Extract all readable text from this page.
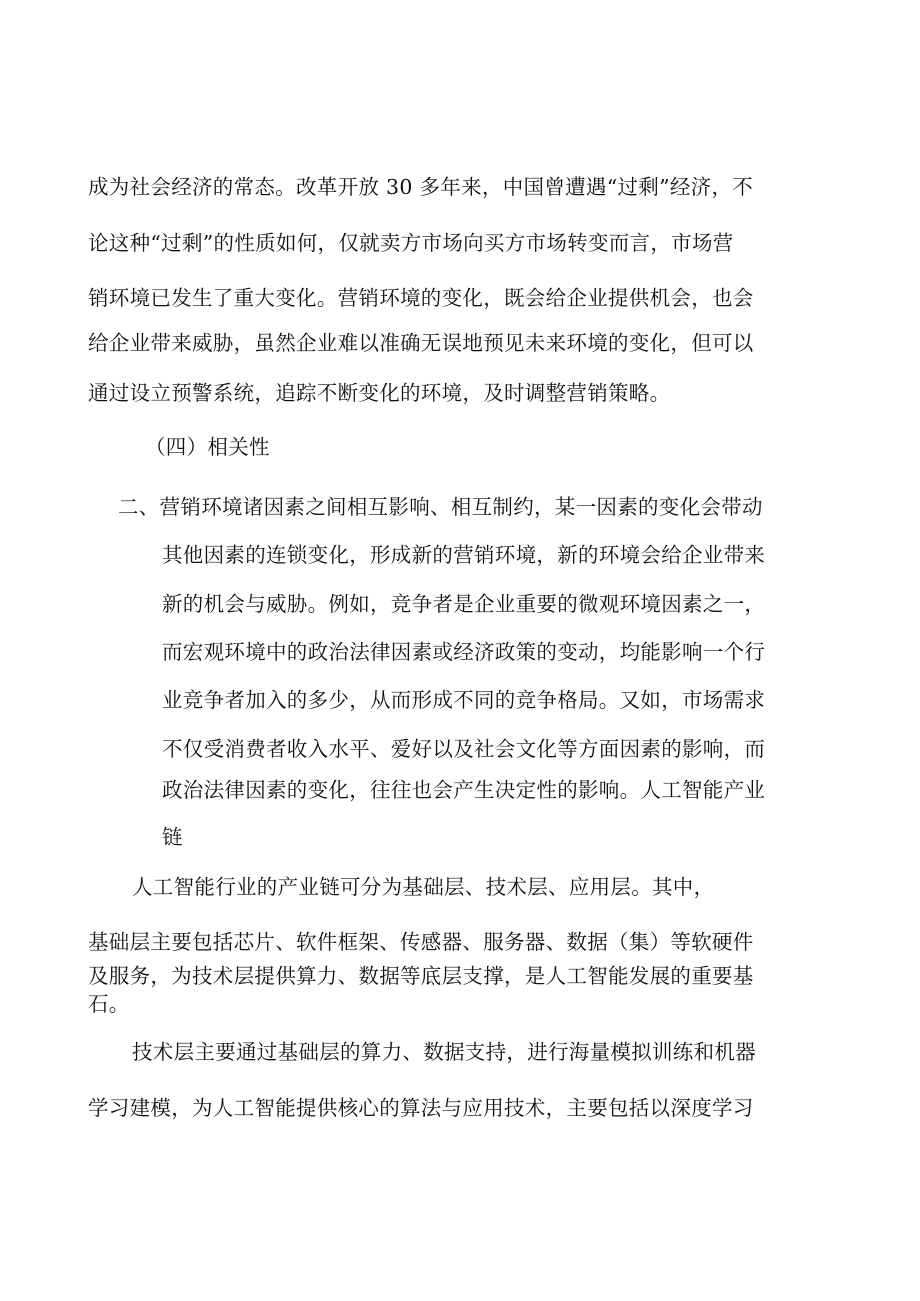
成为社会经济的常态。改革开放 30 多年来，中国曾遭遇“过剩”经济，不
论这种“过剩”的性质如何，仅就卖方市场向买方市场转变而言，市场营
销环境已发生了重大变化。营销环境的变化，既会给企业提供机会，也会
给企业带来威胁，虽然企业难以准确无误地预见未来环境的变化，但可以
通过设立预警系统，追踪不断变化的环境，及时调整营销策略。
（四）相关性
二、营销环境诸因素之间相互影响、相互制约，某一因素的变化会带动
其他因素的连锁变化，形成新的营销环境，新的环境会给企业带来
新的机会与威胁。例如，竞争者是企业重要的微观环境因素之一，
而宏观环境中的政治法律因素或经济政策的变动，均能影响一个行
业竞争者加入的多少，从而形成不同的竞争格局。又如，市场需求
不仅受消费者收入水平、爱好以及社会文化等方面因素的影响，而
政治法律因素的变化，往往也会产生决定性的影响。人工智能产业
链
人工智能行业的产业链可分为基础层、技术层、应用层。其中，
基础层主要包括芯片、软件框架、传感器、服务器、数据（集）等软硬件
及服务，为技术层提供算力、数据等底层支撑，是人工智能发展的重要基
石。
技术层主要通过基础层的算力、数据支持，进行海量模拟训练和机器
学习建模，为人工智能提供核心的算法与应用技术，主要包括以深度学习
